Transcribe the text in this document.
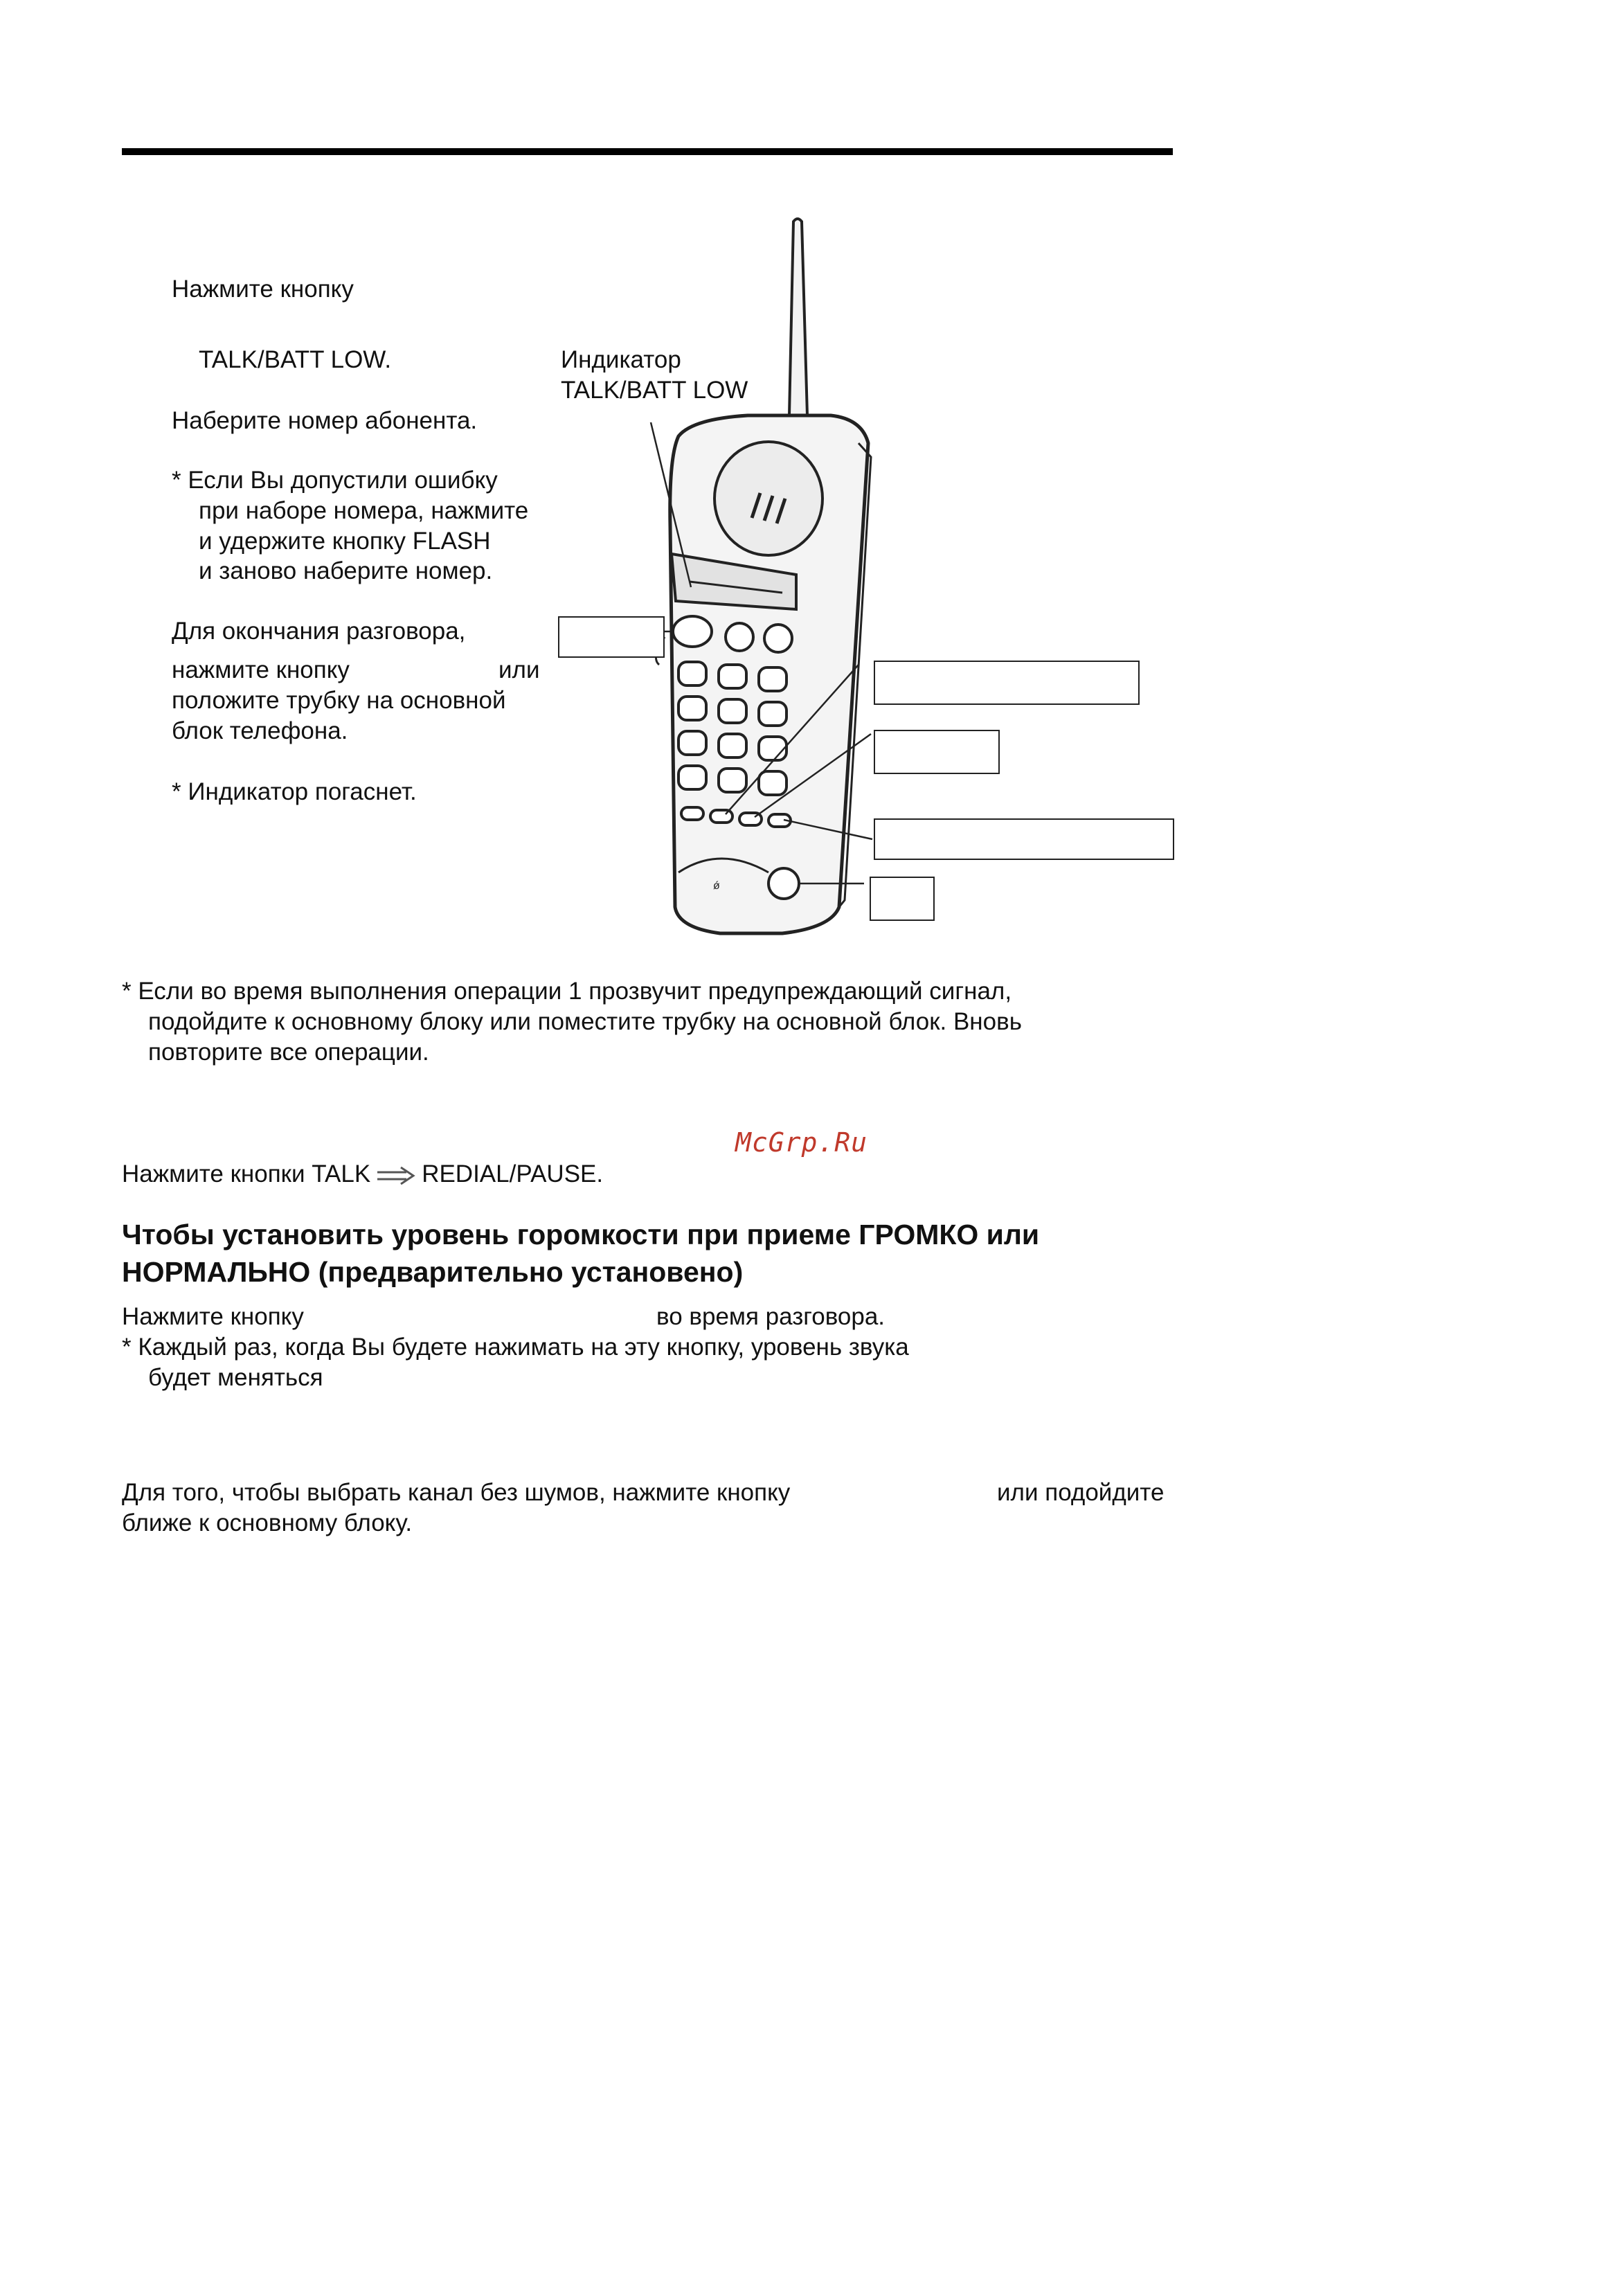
Нажмите кнопку
TALK/BATT LOW.
Наберите номер абонента.
* Если Вы допустили ошибку
при наборе номера, нажмите
и удержите кнопку FLASH
и заново наберите номер.
Для окончания разговора,
нажмите кнопку	или
положите трубку на основной
блок телефона.
* Индикатор погаснет.
Индикатор
TALK/BATT LOW
ǿ
* Если во время выполнения операции 1 прозвучит предупреждающий сигнал,
подойдите к основному блоку или поместите трубку на основной блок. Вновь
повторите все операции.
McGrp.Ru
Нажмите кнопки TALK REDIAL/PAUSE.
Чтобы установить уровень горомкости при приеме ГРОМКО или
НОРМАЛЬНО (предварительно установено)
Нажмите кнопку	во время разговора.
* Каждый раз, когда Вы будете нажимать на эту кнопку, уровень звука
будет меняться
Для того, чтобы выбрать канал без шумов, нажмите кнопку	или подойдите
ближе к основному блоку.
